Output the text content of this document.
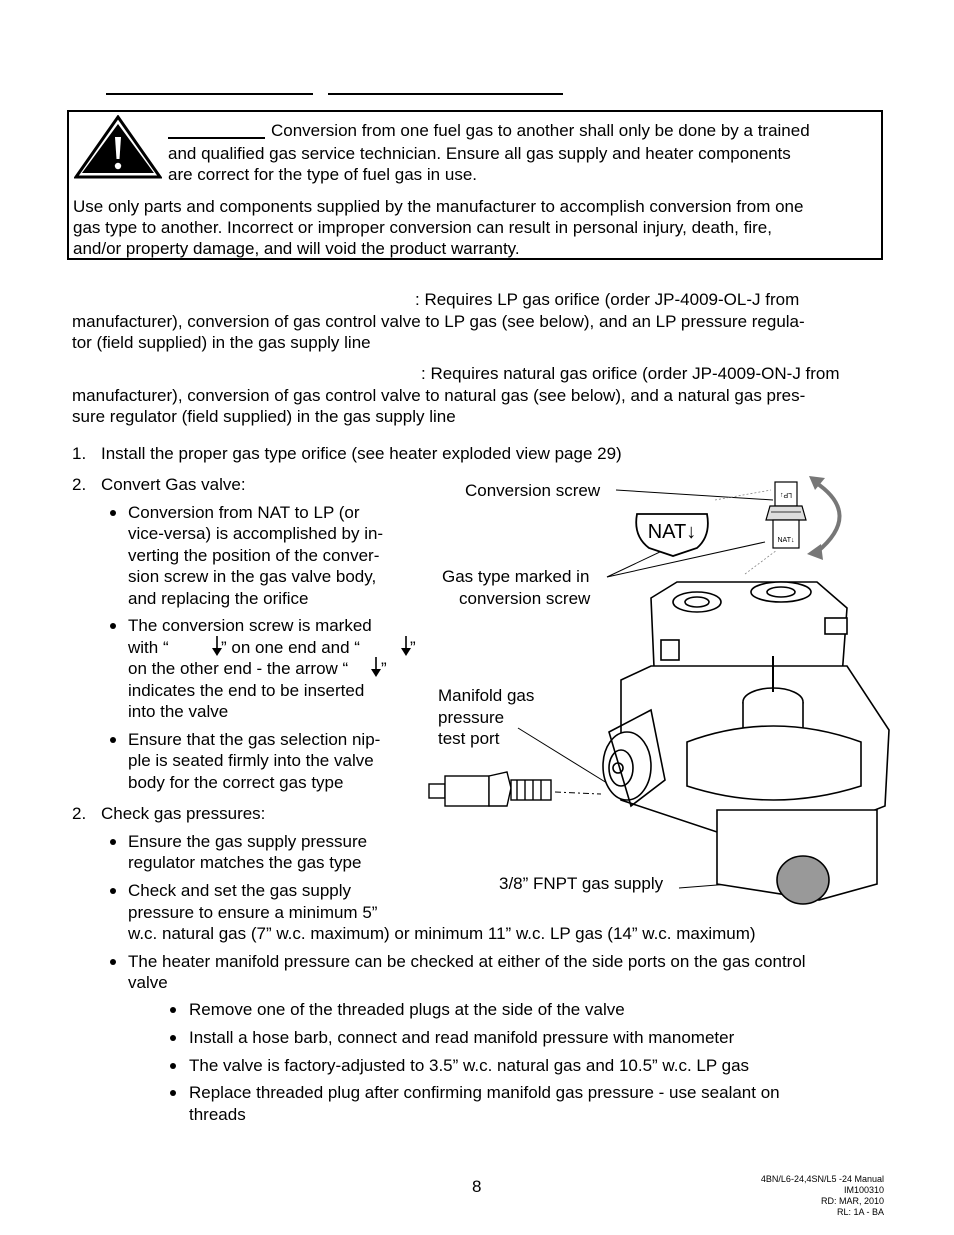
Conversion from one fuel gas to another shall only be done by a trained
and qualified gas service technician. Ensure all gas supply and heater components
are correct for the type of fuel gas in use.
Use only parts and components supplied by the manufacturer to accomplish conversion from one
gas type to another. Incorrect or improper conversion can result in personal injury, death, fire,
and/or property damage, and will void the product warranty.
: Requires LP gas orifice (order JP-4009-OL-J from
manufacturer), conversion of gas control valve to LP gas (see below), and an LP pressure regula-
tor (field supplied) in the gas supply line
: Requires natural gas orifice (order JP-4009-ON-J from
manufacturer), conversion of gas control valve to natural gas (see below), and a natural gas pres-
sure regulator (field supplied) in the gas supply line
1. Install the proper gas type orifice (see heater exploded view page 29)
2. Convert Gas valve:
Conversion from NAT to LP (or
vice-versa) is accomplished by in-
verting the position of the conver-
sion screw in the gas valve body,
and replacing the orifice
The conversion screw is marked
with “	” on one end and “	”
on the other end - the arrow “ ”
indicates the end to be inserted
into the valve
Ensure that the gas selection nip-
ple is seated firmly into the valve
body for the correct gas type
2. Check gas pressures:
Ensure the gas supply pressure
regulator matches the gas type
Check and set the gas supply
pressure to ensure a minimum 5”
w.c. natural gas (7” w.c. maximum) or minimum 11” w.c. LP gas (14” w.c. maximum)
The heater manifold pressure can be checked at either of the side ports on the gas control
valve
Remove one of the threaded plugs at the side of the valve
Install a hose barb, connect and read manifold pressure with manometer
The valve is factory-adjusted to 3.5” w.c. natural gas and 10.5” w.c. LP gas
Replace threaded plug after confirming manifold gas pressure - use sealant on
threads
NAT↓
LP↓
NAT↓
Conversion screw
Gas type marked in
conversion screw
Manifold gas
pressure
test port
3/8” FNPT gas supply
8	4BN/L6-24,4SN/L5 -24 Manual
IM100310
RD: MAR, 2010
RL: 1A - BA
